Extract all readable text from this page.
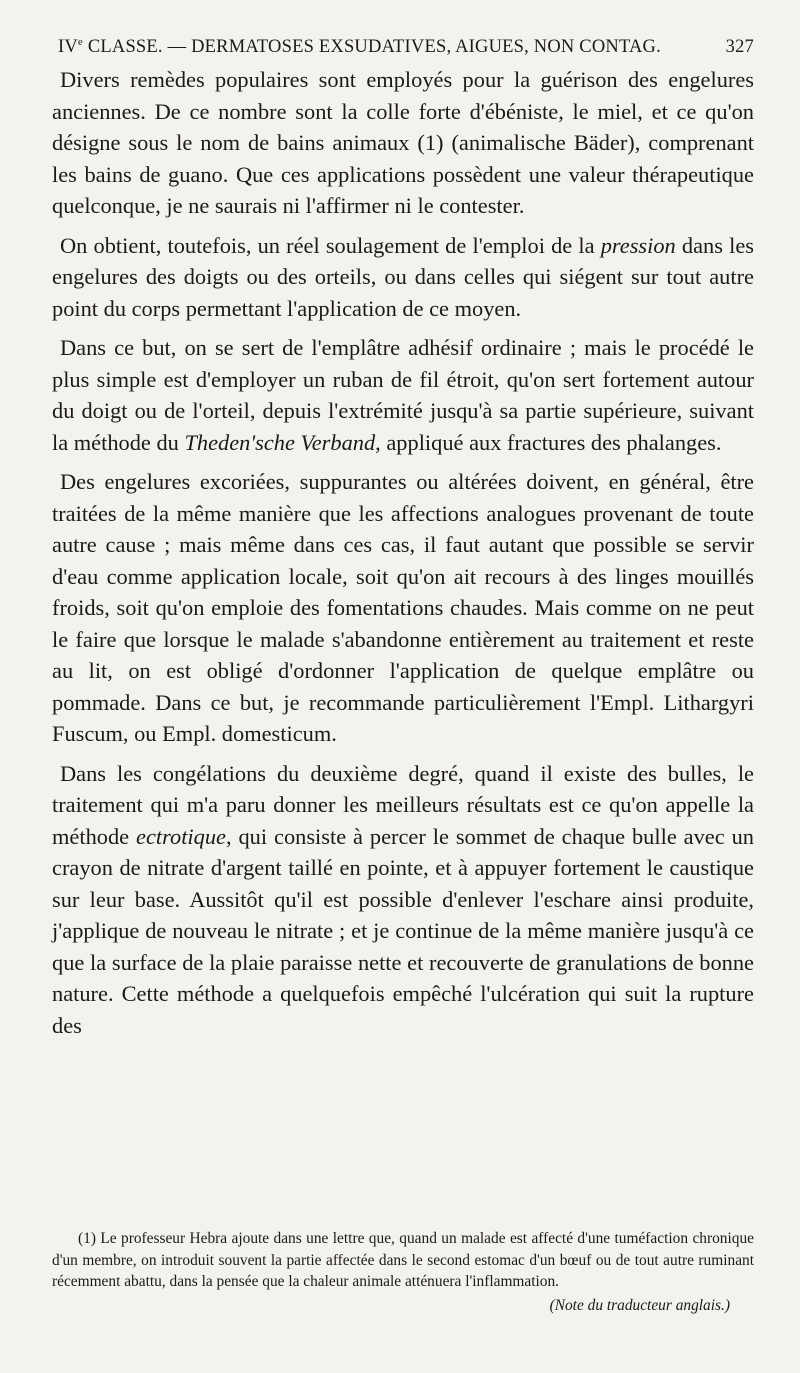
IVe CLASSE. — DERMATOSES EXSUDATIVES, AIGUES, NON CONTAG.	327

Divers remèdes populaires sont employés pour la guérison des engelures anciennes. De ce nombre sont la colle forte d'ébéniste, le miel, et ce qu'on désigne sous le nom de bains animaux (1) (animalische Bäder), comprenant les bains de guano. Que ces applications possèdent une valeur thérapeutique quelconque, je ne saurais ni l'affirmer ni le contester.

On obtient, toutefois, un réel soulagement de l'emploi de la pression dans les engelures des doigts ou des orteils, ou dans celles qui siégent sur tout autre point du corps permettant l'application de ce moyen.

Dans ce but, on se sert de l'emplâtre adhésif ordinaire ; mais le procédé le plus simple est d'employer un ruban de fil étroit, qu'on sert fortement autour du doigt ou de l'orteil, depuis l'extrémité jusqu'à sa partie supérieure, suivant la méthode du Theden'sche Verband, appliqué aux fractures des phalanges.

Des engelures excoriées, suppurantes ou altérées doivent, en général, être traitées de la même manière que les affections analogues provenant de toute autre cause ; mais même dans ces cas, il faut autant que possible se servir d'eau comme application locale, soit qu'on ait recours à des linges mouillés froids, soit qu'on emploie des fomentations chaudes. Mais comme on ne peut le faire que lorsque le malade s'abandonne entièrement au traitement et reste au lit, on est obligé d'ordonner l'application de quelque emplâtre ou pommade. Dans ce but, je recommande particulièrement l'Empl. Lithargyri Fuscum, ou Empl. domesticum.

Dans les congélations du deuxième degré, quand il existe des bulles, le traitement qui m'a paru donner les meilleurs résultats est ce qu'on appelle la méthode ectrotique, qui consiste à percer le sommet de chaque bulle avec un crayon de nitrate d'argent taillé en pointe, et à appuyer fortement le caustique sur leur base. Aussitôt qu'il est possible d'enlever l'eschare ainsi produite, j'applique de nouveau le nitrate ; et je continue de la même manière jusqu'à ce que la surface de la plaie paraisse nette et recouverte de granulations de bonne nature. Cette méthode a quelquefois empêché l'ulcération qui suit la rupture des

(1) Le professeur Hebra ajoute dans une lettre que, quand un malade est affecté d'une tuméfaction chronique d'un membre, on introduit souvent la partie affectée dans le second estomac d'un bœuf ou de tout autre ruminant récemment abattu, dans la pensée que la chaleur animale atténuera l'inflammation.

(Note du traducteur anglais.)
